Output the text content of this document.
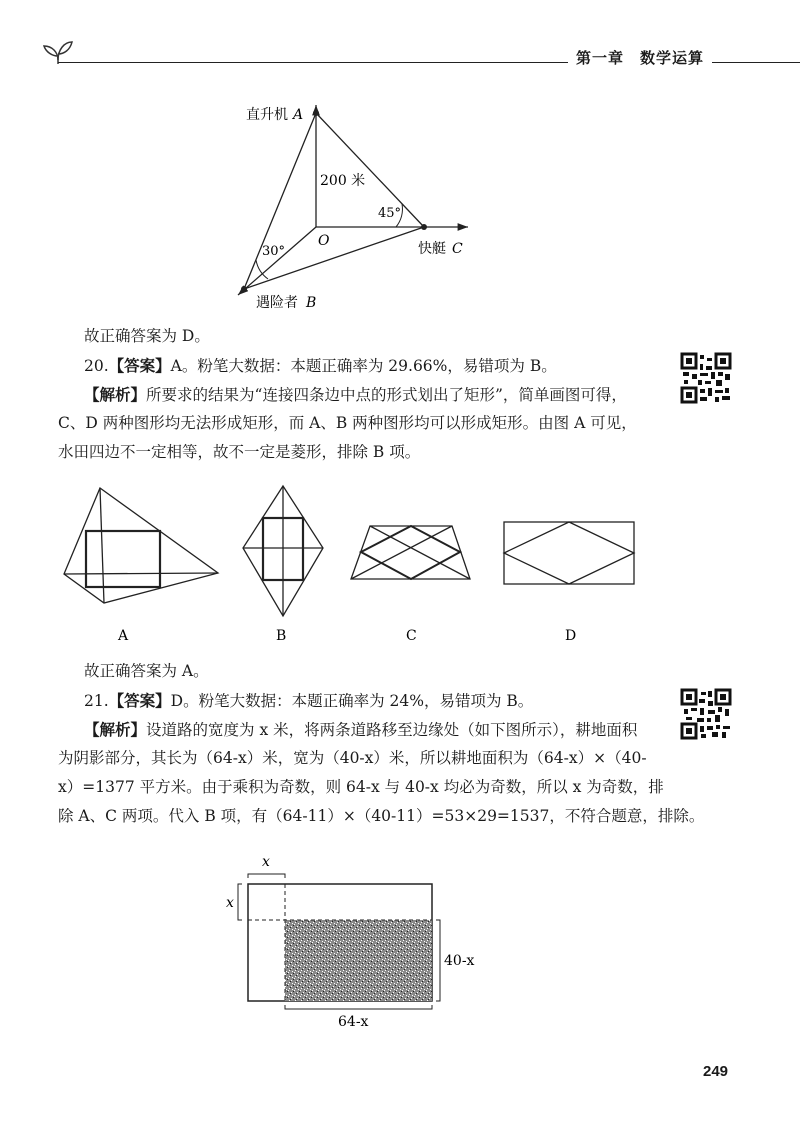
第一章　数学运算
直升机 A
200 米
45°
O
30°	快艇 C
遇险者 B
故正确答案为 D。
20.【答案】A。粉笔大数据：本题正确率为 29.66%，易错项为 B。
【解析】所要求的结果为“连接四条边中点的形式划出了矩形”，简单画图可得，
C、D 两种图形均无法形成矩形，而 A、B 两种图形均可以形成矩形。由图 A 可见，
水田四边不一定相等，故不一定是菱形，排除 B 项。
A	B	C	D
故正确答案为 A。
21.【答案】D。粉笔大数据：本题正确率为 24%，易错项为 B。
【解析】设道路的宽度为 x 米，将两条道路移至边缘处（如下图所示），耕地面积
为阴影部分，其长为（64-x）米，宽为（40-x）米，所以耕地面积为（64-x）×（40-
x）=1377 平方米。由于乘积为奇数，则 64-x 与 40-x 均必为奇数，所以 x 为奇数，排
除 A、C 两项。代入 B 项，有（64-11）×（40-11）=53×29=1537，不符合题意，排除。
x
x
40-x
64-x
249
